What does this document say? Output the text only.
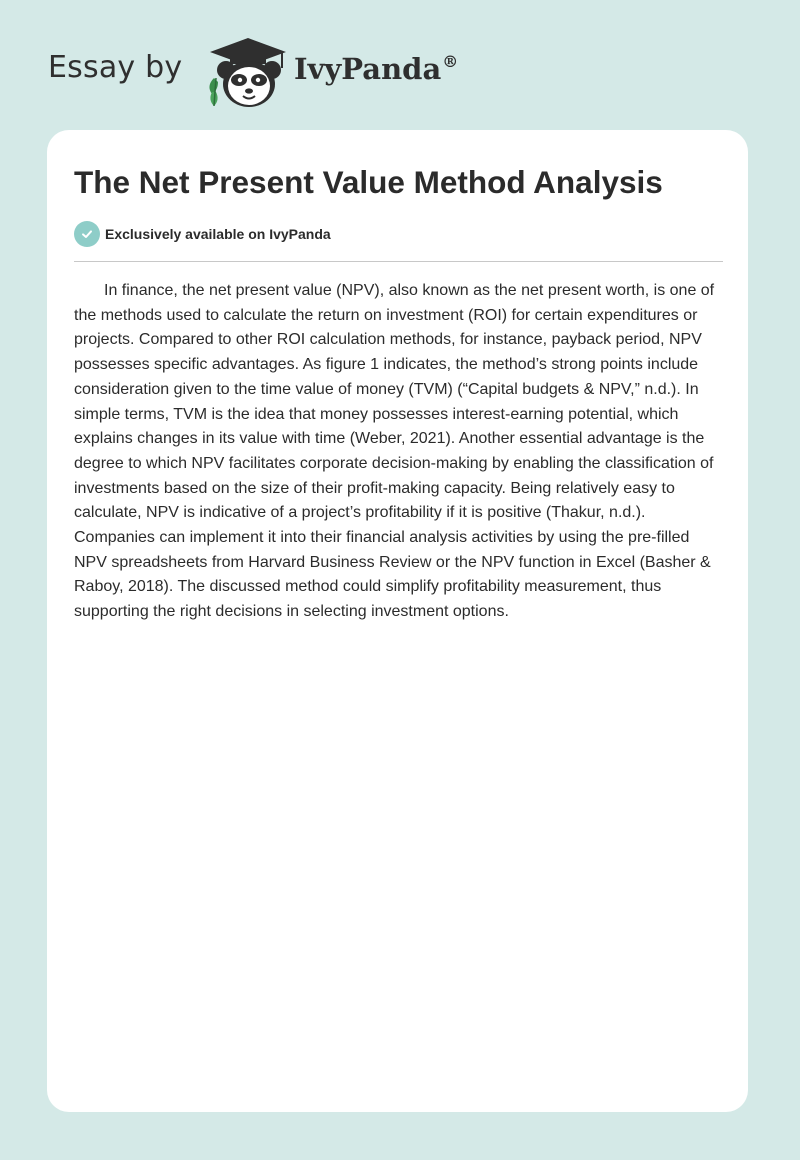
Essay by	IvyPanda®
The Net Present Value Method Analysis
Exclusively available on IvyPanda

In finance, the net present value (NPV), also known as the net present worth, is one of the methods used to calculate the return on investment (ROI) for certain expenditures or projects. Compared to other ROI calculation methods, for instance, payback period, NPV possesses specific advantages. As figure 1 indicates, the method’s strong points include consideration given to the time value of money (TVM) (“Capital budgets & NPV,” n.d.). In simple terms, TVM is the idea that money possesses interest-earning potential, which explains changes in its value with time (Weber, 2021). Another essential advantage is the degree to which NPV facilitates corporate decision-making by enabling the classification of investments based on the size of their profit-making capacity. Being relatively easy to calculate, NPV is indicative of a project’s profitability if it is positive (Thakur, n.d.). Companies can implement it into their financial analysis activities by using the pre-filled NPV spreadsheets from Harvard Business Review or the NPV function in Excel (Basher & Raboy, 2018). The discussed method could simplify profitability measurement, thus supporting the right decisions in selecting investment options.
